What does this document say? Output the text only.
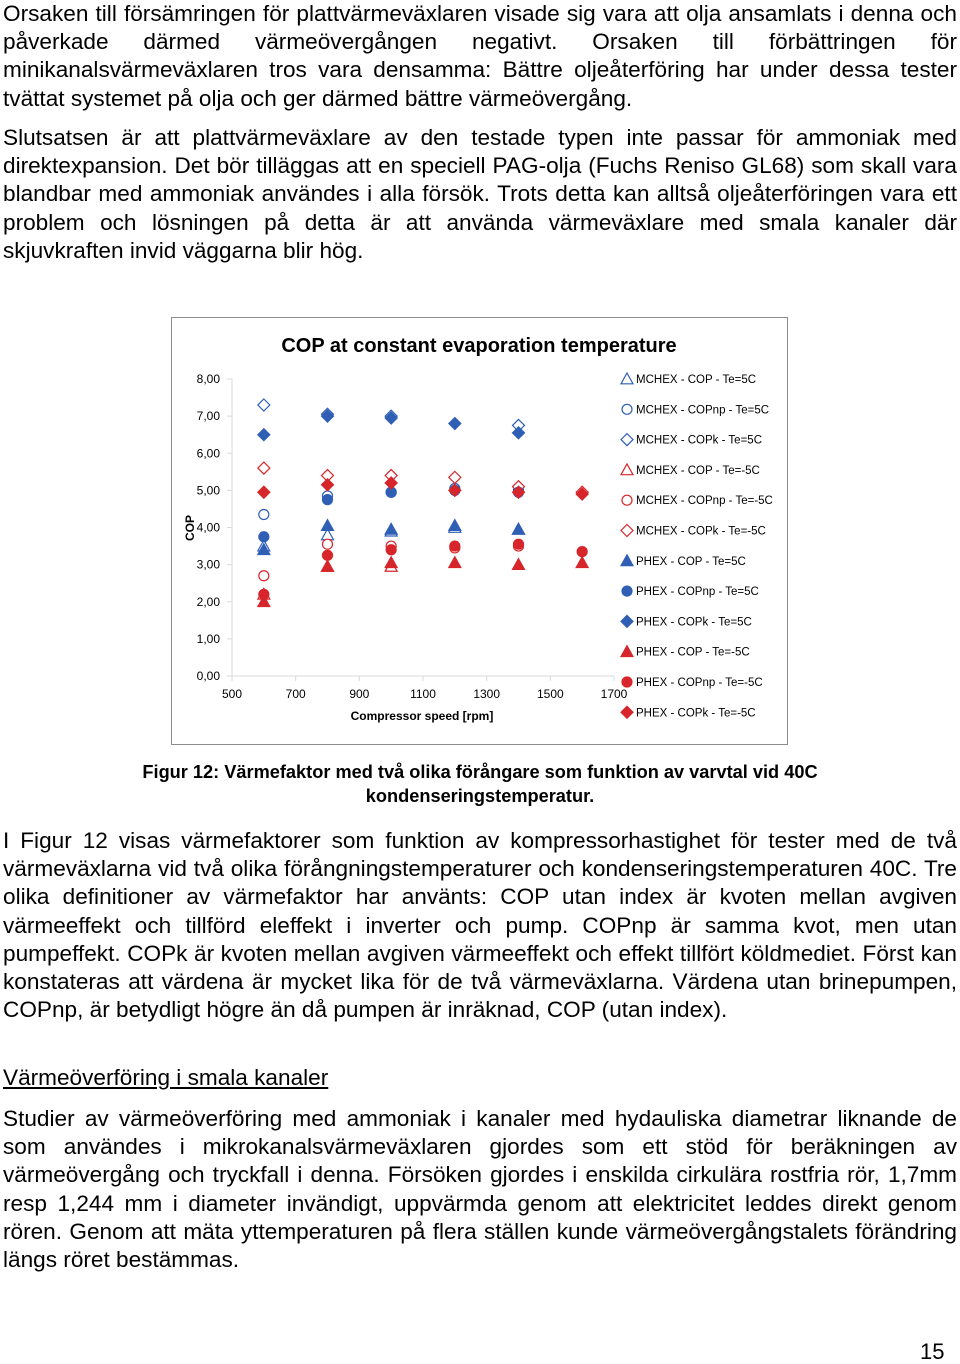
Orsaken till försämringen för plattvärmeväxlaren visade sig vara att olja ansamlats i denna och påverkade därmed värmeövergången negativt. Orsaken till förbättringen för minikanalsvärmeväxlaren tros vara densamma: Bättre oljeåterföring har under dessa tester tvättat systemet på olja och ger därmed bättre värmeövergång.

Slutsatsen är att plattvärmeväxlare av den testade typen inte passar för ammoniak med direktexpansion. Det bör tilläggas att en speciell PAG-olja (Fuchs Reniso GL68) som skall vara blandbar med ammoniak användes i alla försök. Trots detta kan alltså oljeåterföringen vara ett problem och lösningen på detta är att använda värmeväxlare med smala kanaler där skjuvkraften invid väggarna blir hög.

COP at constant evaporation temperature
0,00
1,00
2,00
3,00
4,00
5,00
6,00
7,00
8,00
500	700	900	1100	1300	1500	1700
MCHEX - COP - Te=5C
MCHEX - COPnp - Te=5C
MCHEX - COPk - Te=5C
MCHEX - COP - Te=-5C
MCHEX - COPnp - Te=-5C
MCHEX - COPk - Te=-5C
PHEX - COP - Te=5C
PHEX - COPnp - Te=5C
PHEX - COPk - Te=5C
PHEX - COP - Te=-5C
PHEX - COPnp - Te=-5C
PHEX - COPk - Te=-5C
Compressor speed [rpm]
COP

Figur 12: Värmefaktor med två olika förångare som funktion av varvtal vid 40C kondenseringstemperatur.

I Figur 12 visas värmefaktorer som funktion av kompressorhastighet för tester med de två värmeväxlarna vid två olika förångningstemperaturer och kondenseringstemperaturen 40C. Tre olika definitioner av värmefaktor har använts: COP utan index är kvoten mellan avgiven värmeeffekt och tillförd eleffekt i inverter och pump. COPnp är samma kvot, men utan pumpeffekt. COPk är kvoten mellan avgiven värmeeffekt och effekt tillfört köldmediet. Först kan konstateras att värdena är mycket lika för de två värmeväxlarna. Värdena utan brinepumpen, COPnp, är betydligt högre än då pumpen är inräknad, COP (utan index).

Värmeöverföring i smala kanaler

Studier av värmeöverföring med ammoniak i kanaler med hydauliska diametrar liknande de som användes i mikrokanalsvärmeväxlaren gjordes som ett stöd för beräkningen av värmeövergång och tryckfall i denna. Försöken gjordes i enskilda cirkulära rostfria rör, 1,7mm resp 1,244 mm i diameter invändigt, uppvärmda genom att elektricitet leddes direkt genom rören. Genom att mäta yttemperaturen på flera ställen kunde värmeövergångstalets förändring längs röret bestämmas.

15
